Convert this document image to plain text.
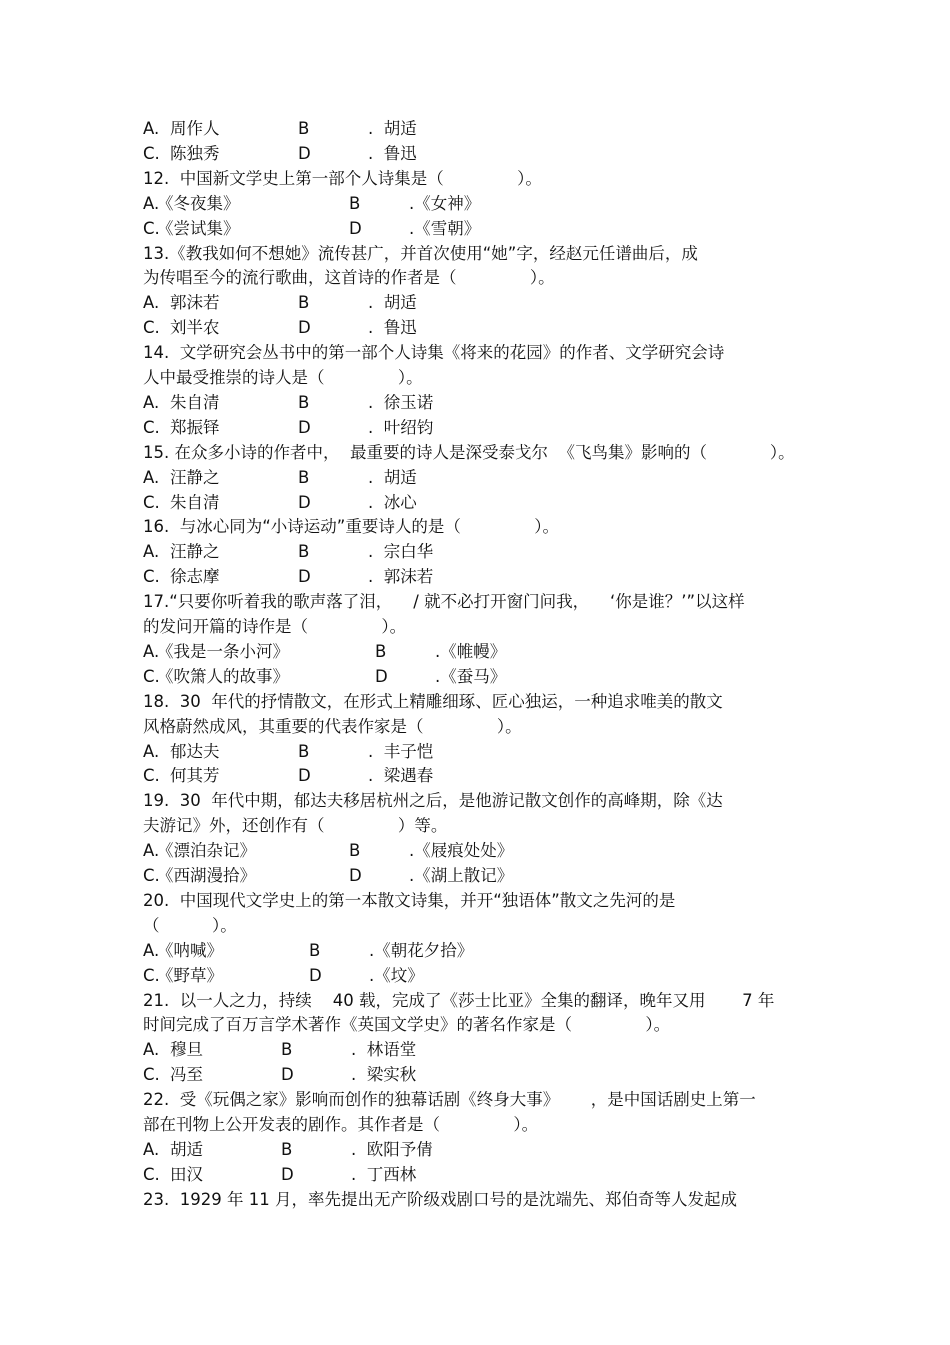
A. 周作人	B	.  胡适
C. 陈独秀	D	.  鲁迅
12.  中国新文学史上第一部个人诗集是（              ）。
A.
《冬夜集》	B	.《女神》
C.
《尝试集》	D	.《雪朝》
13.《教我如何不想她》流传甚广，并首次使用“她”字，经赵元任谱曲后，成
为传唱至今的流行歌曲，这首诗的作者是（              ）。
A. 郭沫若	B	.  胡适
C. 刘半农	D	.  鲁迅
14.  文学研究会丛书中的第一部个人诗集《将来的花园》的作者、文学研究会诗
人中最受推崇的诗人是（              ）。
A. 朱自清	B	.  徐玉诺
C. 郑振铎	D	.  叶绍钧
15. 在众多小诗的作者中，  最重要的诗人是深受泰戈尔  《飞鸟集》影响的（            ）。
A. 汪静之	B	.  胡适
C. 朱自清	D	.  冰心
16.  与冰心同为“小诗运动”重要诗人的是（              ）。
A. 汪静之	B	.  宗白华
C. 徐志摩	D	.  郭沫若
17.“只要你听着我的歌声落了泪，    / 就不必打开窗门问我，    ‘你是谁？’”以这样
的发问开篇的诗作是（              ）。
A.
《我是一条小河》	B	.《帷幔》
C.
《吹箫人的故事》	D	.《蚕马》
18.  30  年代的抒情散文，在形式上精雕细琢、匠心独运，一种追求唯美的散文
风格蔚然成风，其重要的代表作家是（              ）。
A. 郁达夫	B	.  丰子恺
C. 何其芳	D	.  梁遇春
19.  30  年代中期，郁达夫移居杭州之后，是他游记散文创作的高峰期，除《达
夫游记》外，还创作有（              ）等。
A.
《漂泊杂记》	B	.《屐痕处处》
C.
《西湖漫拾》	D	.《湖上散记》
20.  中国现代文学史上的第一本散文诗集，并开“独语体”散文之先河的是
（          ）。
A.
《呐喊》	B	.《朝花夕拾》
C.
《野草》	D	.《坟》
21.  以一人之力，持续    40 载，完成了《莎士比亚》全集的翻译，晚年又用       7 年
时间完成了百万言学术著作《英国文学史》的著名作家是（              ）。
A. 穆旦	B	.  林语堂
C. 冯至	D	.  梁实秋
22.  受《玩偶之家》影响而创作的独幕话剧《终身大事》      ，是中国话剧史上第一
部在刊物上公开发表的剧作。其作者是（              ）。
A. 胡适	B	.  欧阳予倩
C. 田汉	D	.  丁西林
23.  1929 年 11 月，率先提出无产阶级戏剧口号的是沈端先、郑伯奇等人发起成
